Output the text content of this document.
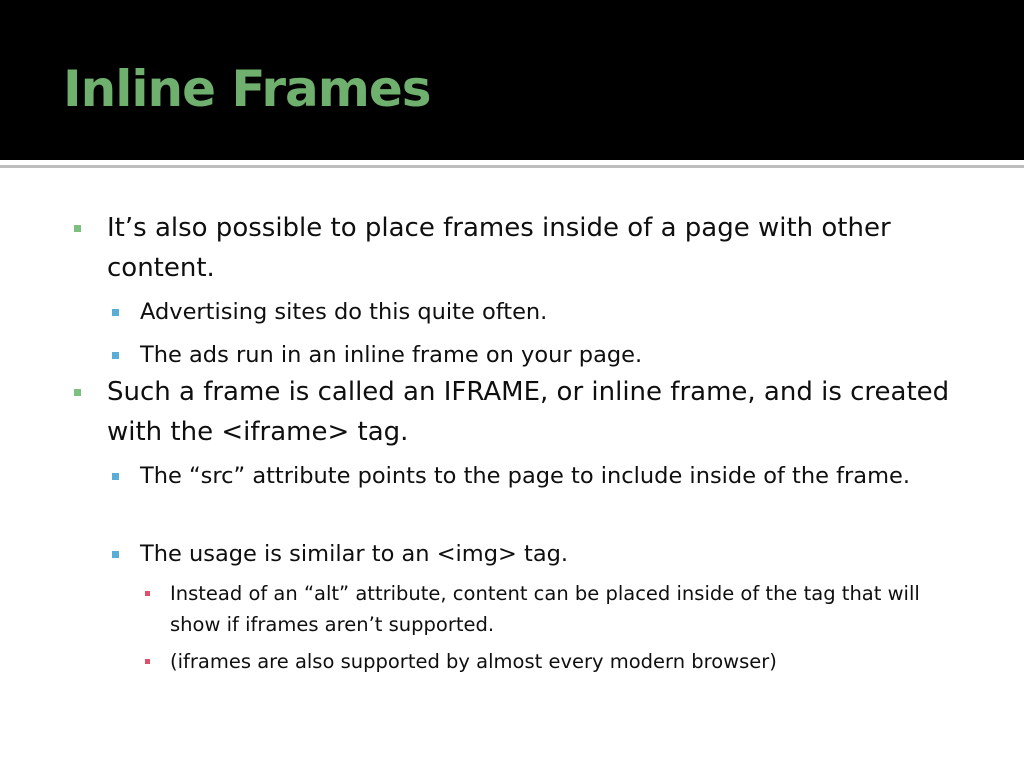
Inline Frames
It’s also possible to place frames inside of a page with other content.
Advertising sites do this quite often.
The ads run in an inline frame on your page.
Such a frame is called an IFRAME, or inline frame, and is created with the <iframe> tag.
The “src” attribute points to the page to include inside of the frame.
The usage is similar to an <img> tag.
Instead of an “alt” attribute, content can be placed inside of the tag that will show if iframes aren’t supported.
(iframes are also supported by almost every modern browser)
